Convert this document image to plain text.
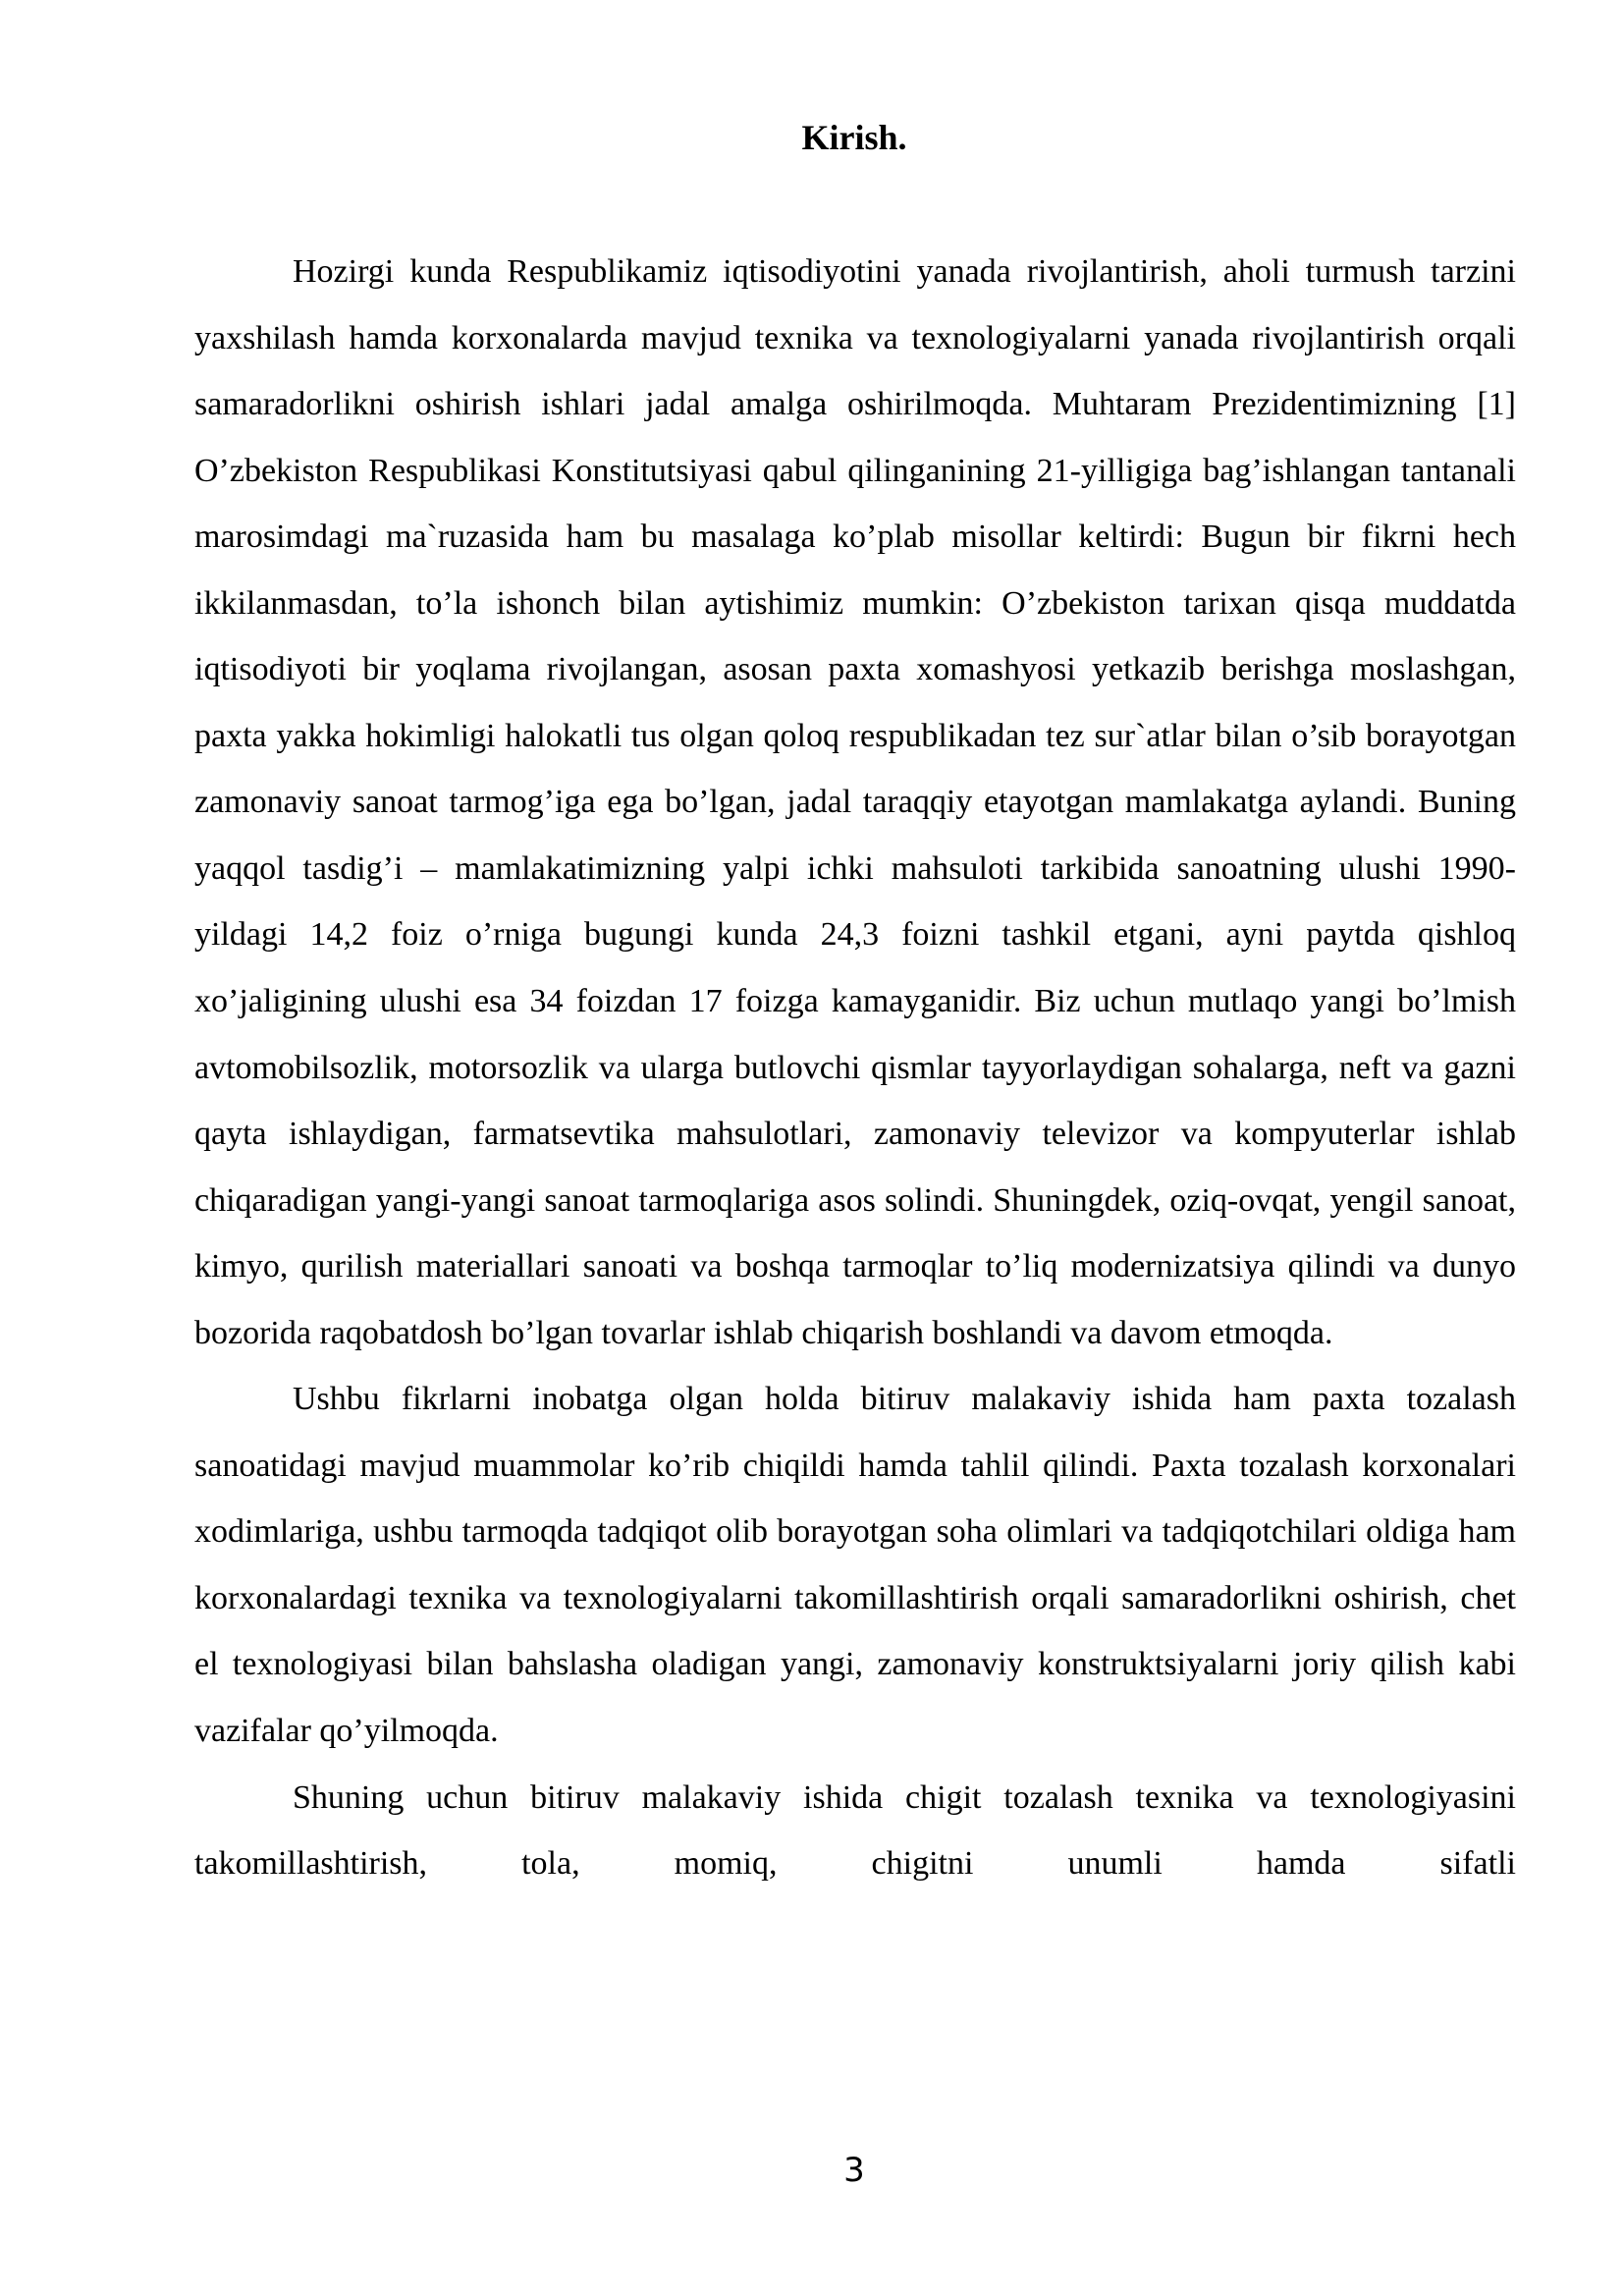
Kirish.

Hozirgi kunda Respublikamiz iqtisodiyotini yanada rivojlantirish, aholi turmush tarzini yaxshilash hamda korxonalarda mavjud texnika va texnologiyalarni yanada rivojlantirish orqali samaradorlikni oshirish ishlari jadal amalga oshirilmoqda. Muhtaram Prezidentimizning [1] O’zbekiston Respublikasi Konstitutsiyasi qabul qilinganining 21-yilligiga bag’ishlangan tantanali marosimdagi ma`ruzasida ham bu masalaga ko’plab misollar keltirdi: Bugun bir fikrni hech ikkilanmasdan, to’la ishonch bilan aytishimiz mumkin: O’zbekiston tarixan qisqa muddatda iqtisodiyoti bir yoqlama rivojlangan, asosan paxta xomashyosi yetkazib berishga moslashgan, paxta yakka hokimligi halokatli tus olgan qoloq respublikadan tez sur`atlar bilan o’sib borayotgan zamonaviy sanoat tarmog’iga ega bo’lgan, jadal taraqqiy etayotgan mamlakatga aylandi. Buning yaqqol tasdig’i – mamlakatimizning yalpi ichki mahsuloti tarkibida sanoatning ulushi 1990-yildagi 14,2 foiz o’rniga bugungi kunda 24,3 foizni tashkil etgani, ayni paytda qishloq xo’jaligining ulushi esa 34 foizdan 17 foizga kamayganidir. Biz uchun mutlaqo yangi bo’lmish avtomobilsozlik, motorsozlik va ularga butlovchi qismlar tayyorlaydigan sohalarga, neft va gazni qayta ishlaydigan, farmatsevtika mahsulotlari, zamonaviy televizor va kompyuterlar ishlab chiqaradigan yangi-yangi sanoat tarmoqlariga asos solindi. Shuningdek, oziq-ovqat, yengil sanoat, kimyo, qurilish materiallari sanoati va boshqa tarmoqlar to’liq modernizatsiya qilindi va dunyo bozorida raqobatdosh bo’lgan tovarlar ishlab chiqarish boshlandi va davom etmoqda.

Ushbu fikrlarni inobatga olgan holda bitiruv malakaviy ishida ham paxta tozalash sanoatidagi mavjud muammolar ko’rib chiqildi hamda tahlil qilindi. Paxta tozalash korxonalari xodimlariga, ushbu tarmoqda tadqiqot olib borayotgan soha olimlari va tadqiqotchilari oldiga ham korxonalardagi texnika va texnologiyalarni takomillashtirish orqali samaradorlikni oshirish, chet el texnologiyasi bilan bahslasha oladigan yangi, zamonaviy konstruktsiyalarni joriy qilish kabi vazifalar qo’yilmoqda.

Shuning uchun bitiruv malakaviy ishida chigit tozalash texnika va texnologiyasini takomillashtirish, tola, momiq, chigitni unumli hamda sifatli

3
